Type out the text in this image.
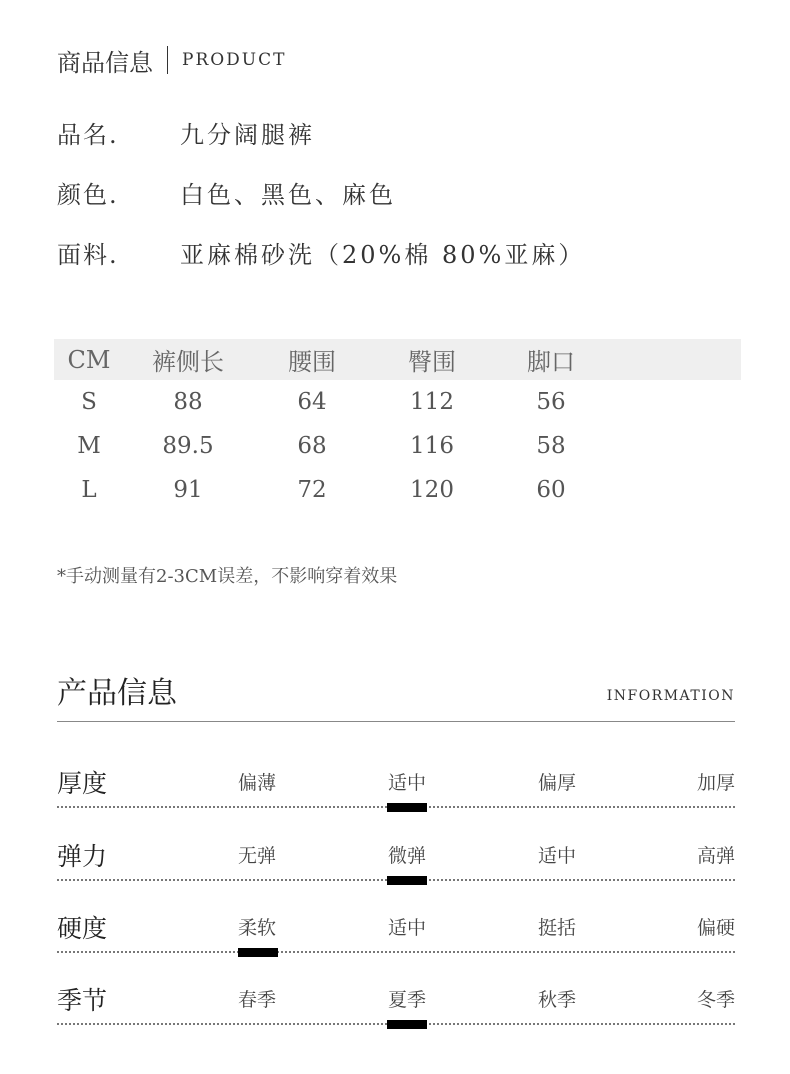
商品信息 PRODUCT
品名.	九分阔腿裤
颜色.	白色、黑色、麻色
面料.	亚麻棉砂洗（20%棉 80%亚麻）
CM	裤侧长	腰围	臀围	脚口
S	88	64	112	56
M	89.5	68	116	58
L	91	72	120	60
*手动测量有2-3CM误差，不影响穿着效果
产品信息	INFORMATION
厚度	偏薄	适中	偏厚	加厚
弹力	无弹	微弹	适中	高弹
硬度	柔软	适中	挺括	偏硬
季节	春季	夏季	秋季	冬季
